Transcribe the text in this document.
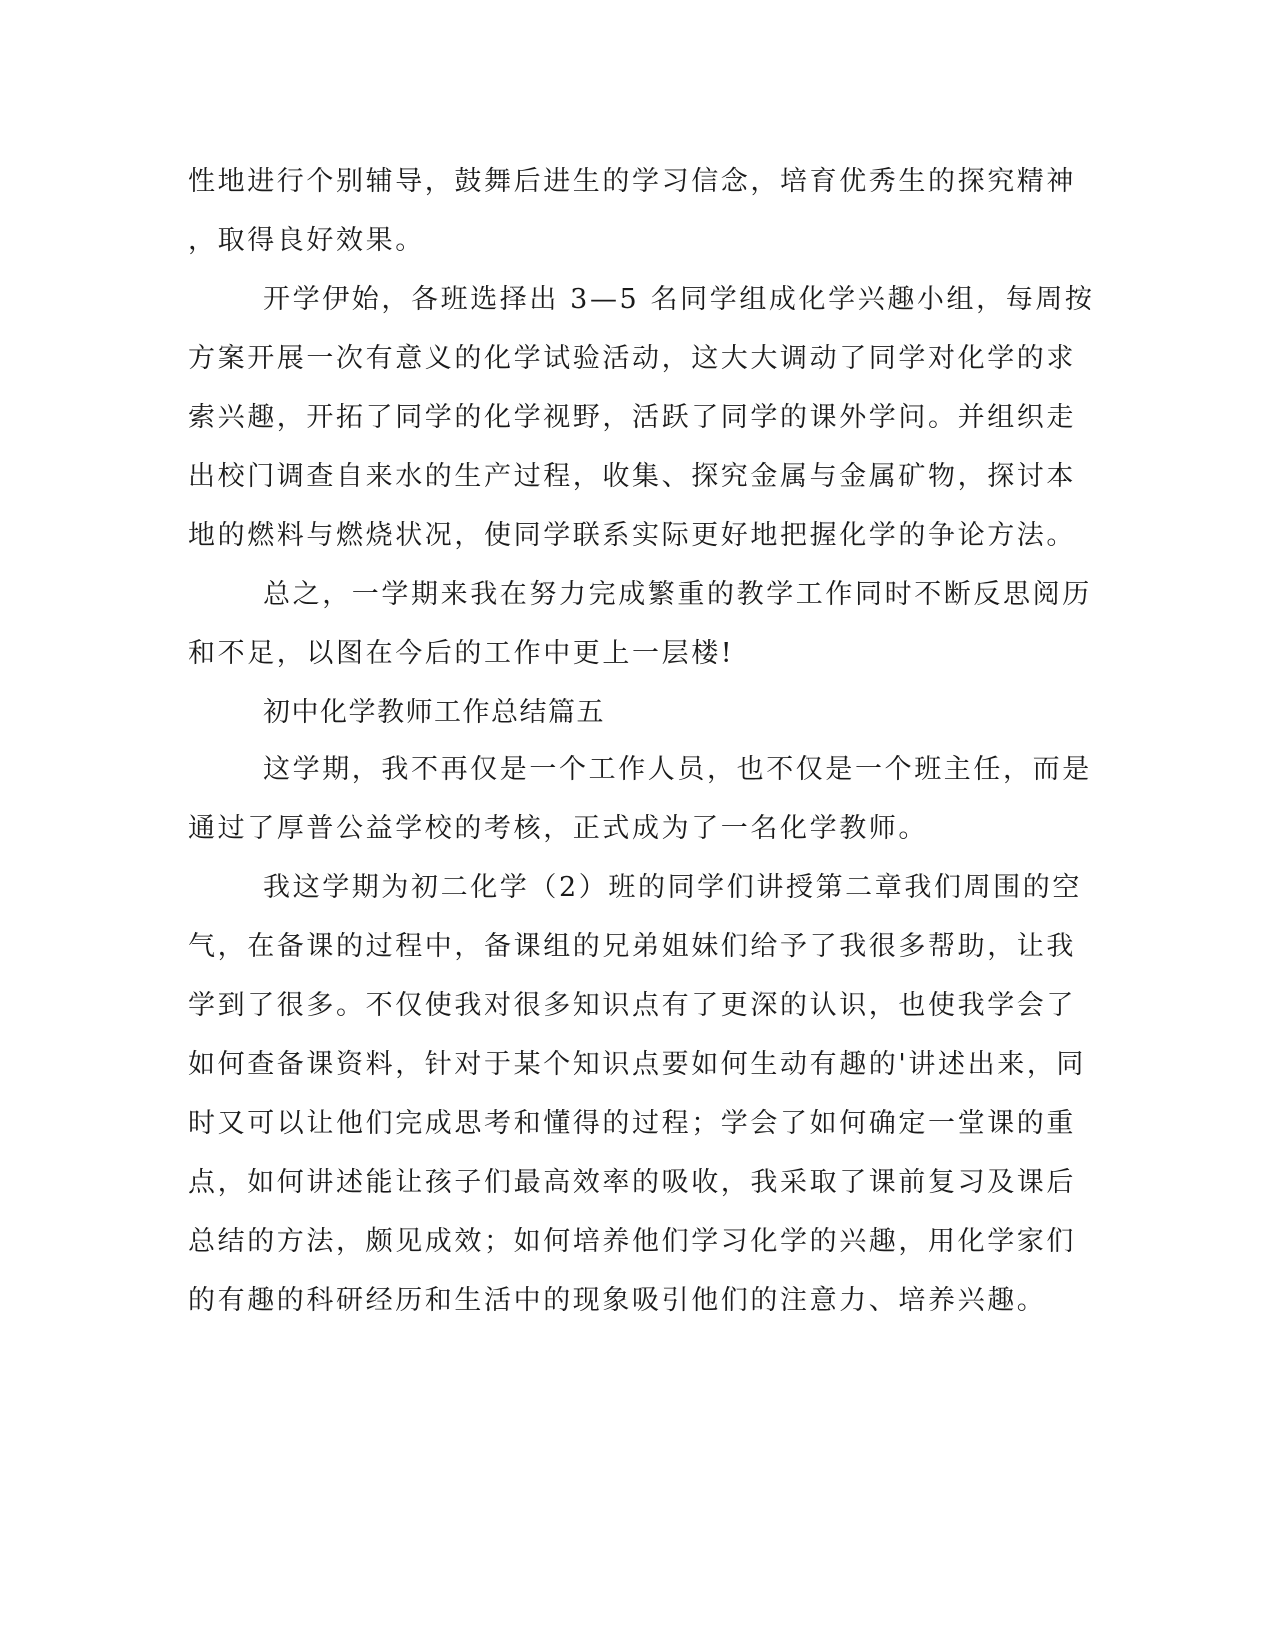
性地进行个别辅导，鼓舞后进生的学习信念，培育优秀生的探究精神
，取得良好效果。
开学伊始，各班选择出 3—5 名同学组成化学兴趣小组，每周按
方案开展一次有意义的化学试验活动，这大大调动了同学对化学的求
索兴趣，开拓了同学的化学视野，活跃了同学的课外学问。并组织走
出校门调查自来水的生产过程，收集、探究金属与金属矿物，探讨本
地的燃料与燃烧状况，使同学联系实际更好地把握化学的争论方法。
总之，一学期来我在努力完成繁重的教学工作同时不断反思阅历
和不足，以图在今后的工作中更上一层楼!
初中化学教师工作总结篇五
这学期，我不再仅是一个工作人员，也不仅是一个班主任，而是
通过了厚普公益学校的考核，正式成为了一名化学教师。
我这学期为初二化学（2）班的同学们讲授第二章我们周围的空
气，在备课的过程中，备课组的兄弟姐妹们给予了我很多帮助，让我
学到了很多。不仅使我对很多知识点有了更深的认识，也使我学会了
如何查备课资料，针对于某个知识点要如何生动有趣的'讲述出来，同
时又可以让他们完成思考和懂得的过程；学会了如何确定一堂课的重
点，如何讲述能让孩子们最高效率的吸收，我采取了课前复习及课后
总结的方法，颇见成效；如何培养他们学习化学的兴趣，用化学家们
的有趣的科研经历和生活中的现象吸引他们的注意力、培养兴趣。
